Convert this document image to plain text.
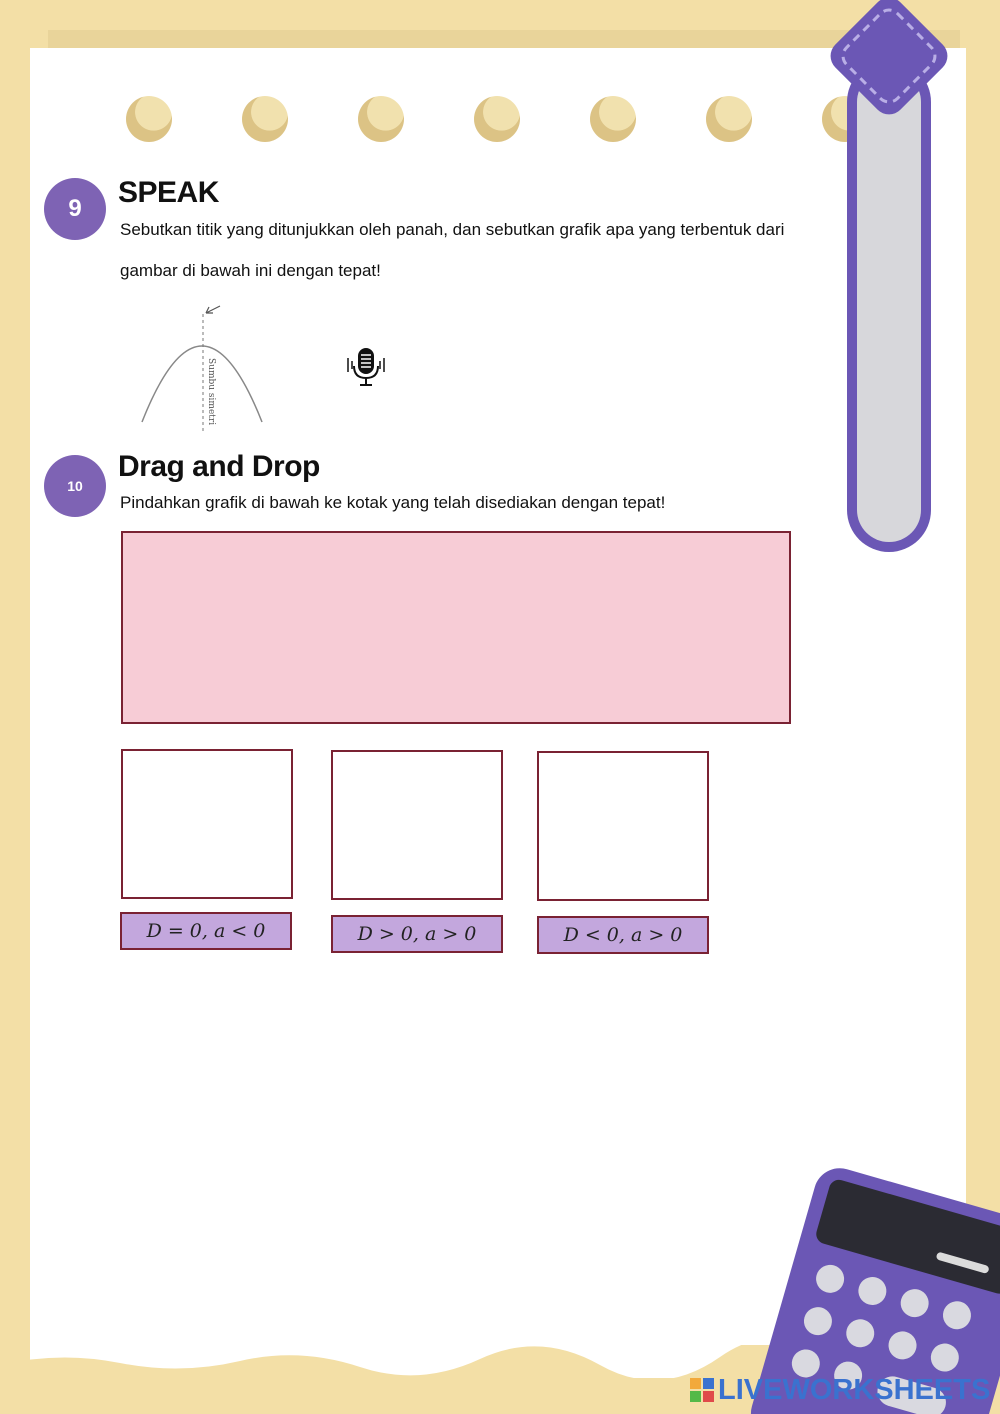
9	SPEAK

Sebutkan titik yang ditunjukkan oleh panah, dan sebutkan grafik apa yang terbentuk dari

gambar di bawah ini dengan tepat!

Sumbu simetri
10
Drag and Drop

Pindahkan grafik di bawah ke kotak yang telah disediakan dengan tepat!

D = 0, a < 0	D > 0, a > 0	D < 0, a > 0
LIVEWORKSHEETS
